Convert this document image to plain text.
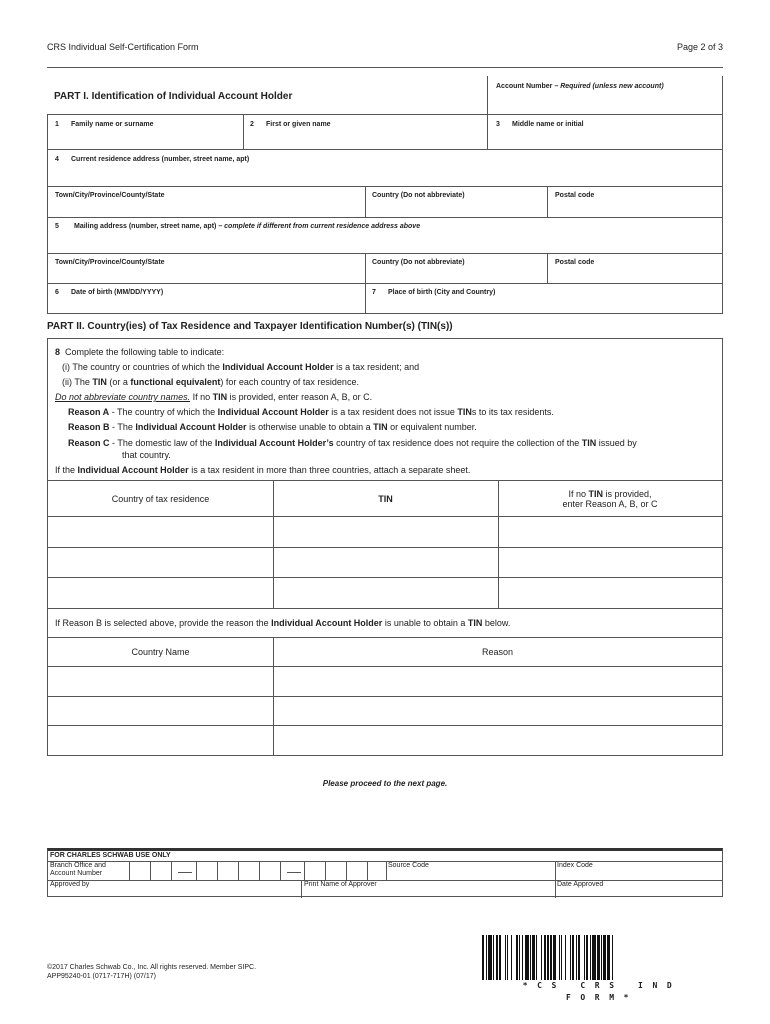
CRS Individual Self-Certification Form	Page 2 of 3
PART I. Identification of Individual Account Holder
Account Number – Required (unless new account)
1 Family name or surname	2 First or given name	3 Middle name or initial
4 Current residence address (number, street name, apt)
Town/City/Province/County/State	Country (Do not abbreviate)	Postal code
5 Mailing address (number, street name, apt) – complete if different from current residence address above
Town/City/Province/County/State	Country (Do not abbreviate)	Postal code
6 Date of birth (MM/DD/YYYY)	7 Place of birth (City and Country)
PART II. Country(ies) of Tax Residence and Taxpayer Identification Number(s) (TIN(s))
8 Complete the following table to indicate:
(i) The country or countries of which the Individual Account Holder is a tax resident; and
(ii) The TIN (or a functional equivalent) for each country of tax residence.
Do not abbreviate country names. If no TIN is provided, enter reason A, B, or C.
Reason A - The country of which the Individual Account Holder is a tax resident does not issue TINs to its tax residents.
Reason B - The Individual Account Holder is otherwise unable to obtain a TIN or equivalent number.
Reason C - The domestic law of the Individual Account Holder’s country of tax residence does not require the collection of the TIN issued by
that country.
If the Individual Account Holder is a tax resident in more than three countries, attach a separate sheet.
Country of tax residence	TIN	If no TIN is provided,
enter Reason A, B, or C
If Reason B is selected above, provide the reason the Individual Account Holder is unable to obtain a TIN below.
Country Name	Reason
Please proceed to the next page.
FOR CHARLES SCHWAB USE ONLY
Branch Office and
Account Number
Source Code	Index Code
Approved by	Print Name of Approver	Date Approved
©2017 Charles Schwab Co., Inc. All rights reserved. Member SIPC.
APP95240-01 (0717-717H) (07/17)
*CS CRS IND FORM*
